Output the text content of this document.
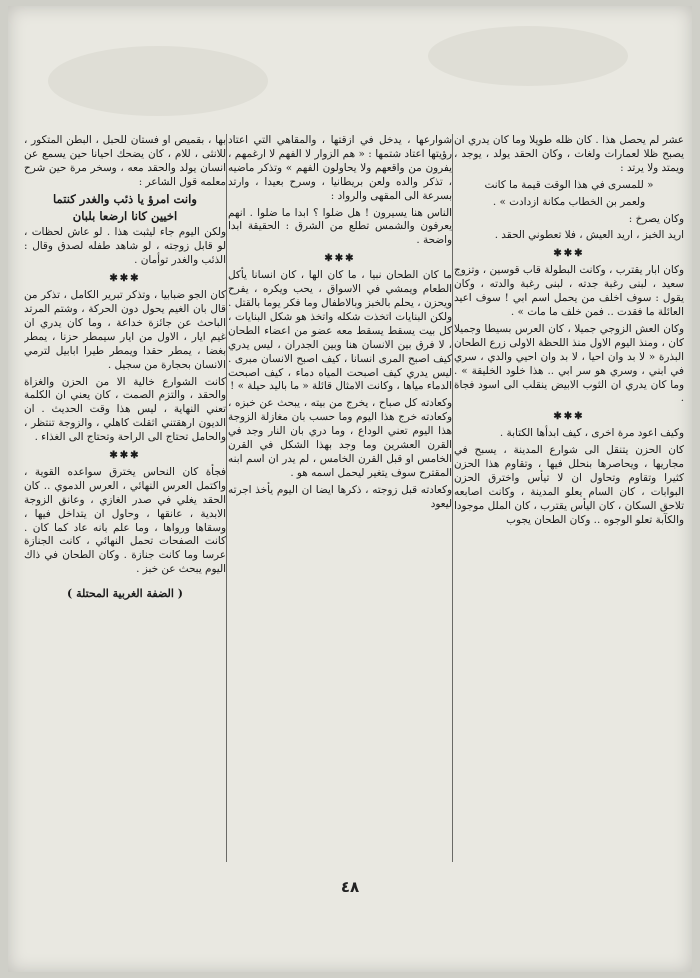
عشر لم يحصل هذا . كان ظله طويلا وما كان يدري ان يصبح ظلا لعمارات ولغات ، وكان الحقد يولد ، يوجد ، ويمتد ولا يرتد :

« للمسرى في هذا الوقت قيمة ما كانت

ولعمر بن الخطاب مكانة ازدادت » .

وكان يصرخ :

اريد الخبز ، اريد العيش ، فلا تعطوني الحقد .

✱✱✱

وكان ابار يقترب ، وكانت البطولة قاب قوسين ، وتزوج سعيد ، لبنى رغبة جدته ، لبنى رغبة والدته ، وكان يقول : سوف اخلف من يحمل اسم ابي ! سوف اعيد العائلة ما فقدت .. فمن خلف ما مات » .

وكان العش الزوجي جميلا ، كان العرس بسيطا وجميلا كان ، ومنذ اليوم الاول منذ اللحظة الاولى زرع الطحان البذرة « لا بد وان احيا ، لا بد وان احيي والدي ، سري في ابني ، وسري هو سر ابي .. هذا خلود الخليقة » . وما كان يدري ان الثوب الابيض ينقلب الى اسود فجاة .

✱✱✱

وكيف اعود مرة اخرى ، كيف ابدأها الكتابة .

كان الحزن يتنقل الى شوارع المدينة ، يسبح في مجاريها ، ويحاصرها بنحلل فيها ، وتقاوم هذا الحزن كثيرا وتقاوم وتحاول ان لا تيأس واخترق الحزن البوابات ، كان السام يعلو المدينة ، وكانت اصابعه تلاحق السكان ، كان اليأس يقترب ، كان الملل موجودا والكآبة تعلو الوجوه .. وكان الطحان يجوب

شوارعها ، يدخل في ازقتها ، والمقاهي التي اعتاد رؤيتها اعتاد شتمها : « هم الزوار لا الفهم لا ارغمهم ، يفرون من واقعهم ولا يحاولون الفهم » وتذكر ماضيه ، تذكر والده ولعن بريطانيا ، وسرح بعيدا ، وارتد بسرعة الى المقهى والرواد :

الناس هنا يسيرون ! هل ضلوا ؟ ابدا ما ضلوا . انهم يعرفون والشمس تطلع من الشرق : الحقيقة ابدا واضحة .

✱✱✱

ما كان الطحان نبيا ، ما كان الها ، كان انسانا يأكل الطعام ويمشي في الاسواق ، يحب ويكره ، يفرح ويحزن ، يحلم بالخبز وبالاطفال وما فكر يوما بالقتل . ولكن البنايات اتخذت شكله واتخذ هو شكل البنايات ، كل بيت يسقط يسقط معه عضو من اعضاء الطحان ، لا فرق بين الانسان هنا وبين الجدران ، ليس يدري كيف اصبح المرى انسانا ، كيف اصبح الانسان مبرى . ليس يدري كيف اصبحت المياه دماء ، كيف اصبحت الدماء مياها ، وكانت الامثال قائلة « ما باليد حيلة » !

وكعادته كل صباح ، يخرج من بيته ، يبحث عن خبزه ، وكعادته خرج هذا اليوم وما حسب بان مغازلة الزوجة هذا اليوم تعني الوداع ، وما دري بان النار وجد في القرن العشرين وما وجد بهذا الشكل في القرن الخامس او قبل القرن الخامس ، لم يدر ان اسم ابنه المقترح سوف يتغير ليحمل اسمه هو .

وكعادته قبل زوجته ، ذكرها ايضا ان اليوم يأخذ اجرته ليعود

بها ، بقميص او فستان للحبل ، البطن المتكور ، للانثى ، للام ، كان يضحك احيانا حين يسمع عن انسان يولد والحقد معه ، وسخر مرة حين شرح معلمه قول الشاعر :

وانت امرؤ يا ذئب والغدر كنتما

اخيين كانا ارضعا بلبان

ولكن اليوم جاء ليثبت هذا . لو عاش لحظات ، لو قابل زوجته ، لو شاهد طفله لصدق وقال : الذئب والغدر توأمان .

✱✱✱

كان الجو ضبابيا ، وتذكر تبرير الكامل ، تذكر من قال بان الغيم يحول دون الحركة ، وشتم المرتد الباحث عن جائزة خداعة ، وما كان يدري ان غيم ايار ، الاول من ايار سيمطر حزنا ، يمطر بغضا ، يمطر حقدا ويمطر طيرا ابابيل لترمي الانسان بحجارة من سجيل .

كانت الشوارع خالية الا من الحزن والغزاة والحقد ، والتزم الصمت ، كان يعني ان الكلمة تعني النهاية ، ليس هذا وقت الحديث . ان الديون ارهقتني اثقلت كاهلي ، والزوجة تنتظر ، والحامل تحتاج الى الراحة وتحتاج الى الغذاء .

✱✱✱

فجأة كان النحاس يخترق سواعده القوية ، واكتمل العرس النهائي ، العرس الدموي .. كان الحقد يغلي في صدر الغازي ، وعانق الزوجة الابدية ، عانقها ، وحاول ان يتداخل فيها ، وسقاها ورواها ، وما علم بانه عاد كما كان . كانت الصفحات تحمل النهائي ، كانت الجنازة عرسا وما كانت جنازة . وكان الطحان في ذاك اليوم يبحث عن خبز .

( الضفة الغربية المحتلة )
٤٨
